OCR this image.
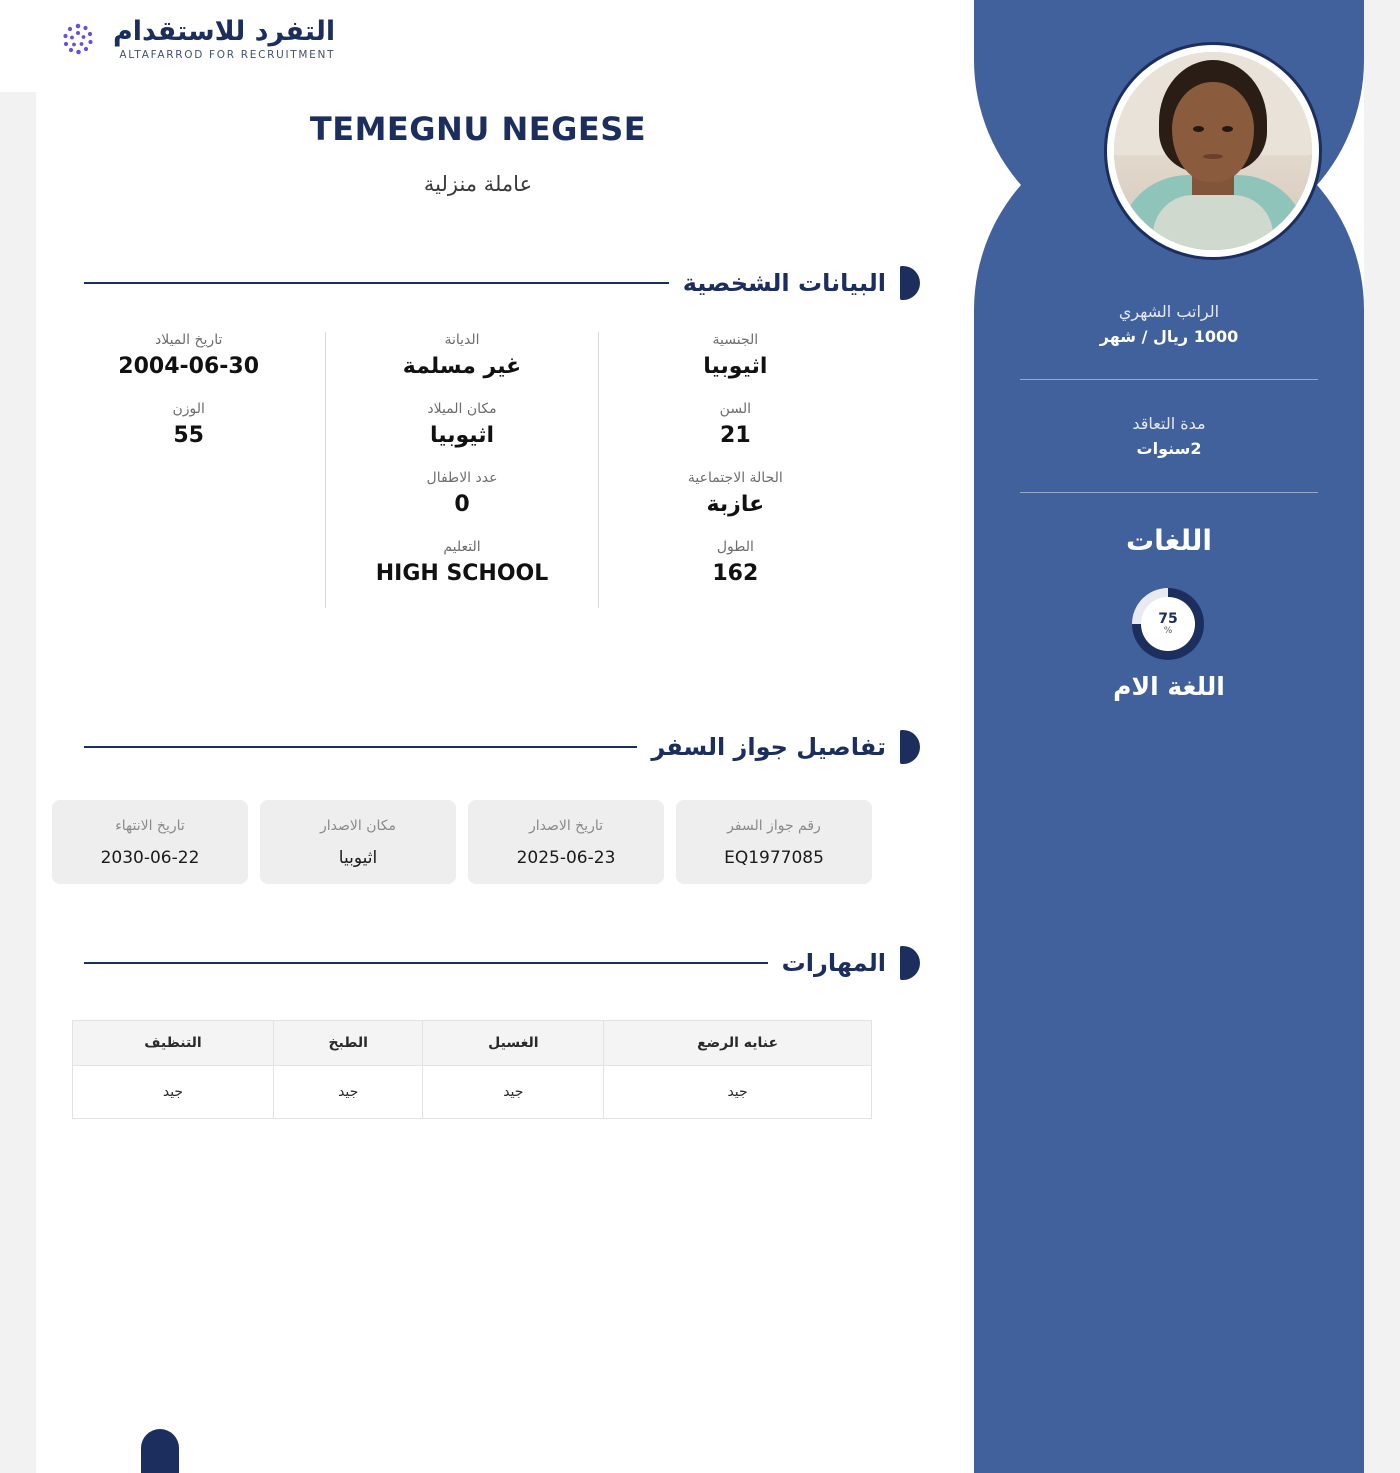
الراتب الشهري
1000 ريال / شهر
مدة التعاقد
2سنوات
اللغات
75
%
اللغة الام
التفرد للاستقدام
ALTAFARROD FOR RECRUITMENT
TEMEGNU NEGESE
عاملة منزلية
البيانات الشخصية
الجنسية
اثيوبيا
الديانة
غير مسلمة
تاريخ الميلاد
2004-06-30
السن
21
مكان الميلاد
اثيوبيا
الوزن
55
الحالة الاجتماعية
عازبة
عدد الاطفال
0
الطول
162
التعليم
HIGH SCHOOL
تفاصيل جواز السفر
رقم جواز السفر
EQ1977085
تاريخ الاصدار
2025-06-23
مكان الاصدار
اثيوبيا
تاريخ الانتهاء
2030-06-22
المهارات
عنايه الرضع	الغسيل	الطبخ	التنظيف
جيد	جيد	جيد	جيد
